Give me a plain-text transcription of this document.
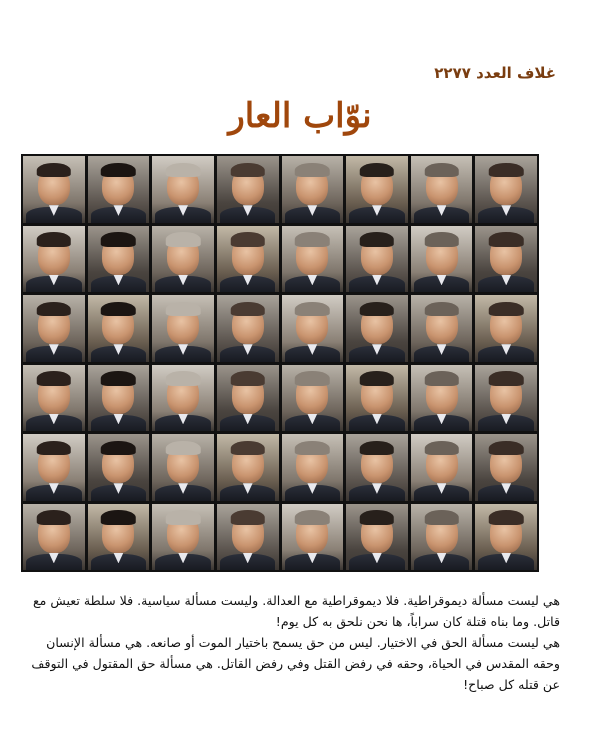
غلاف العدد ٢٢٧٧
نوّاب العار

هي ليست مسألة ديموقراطية. فلا ديموقراطية مع العدالة. وليست مسألة سياسية. فلا سلطة تعيش مع قاتل. وما بناه قتلة كان سراباً، ها نحن نلحق به كل يوم!

هي ليست مسألة الحق في الاختيار. ليس من حق يسمح باختيار الموت أو صانعه. هي مسألة الإنسان وحقه المقدس في الحياة، وحقه في رفض القتل وفي رفض القاتل. هي مسألة حق المقتول في التوقف عن قتله كل صباح!
